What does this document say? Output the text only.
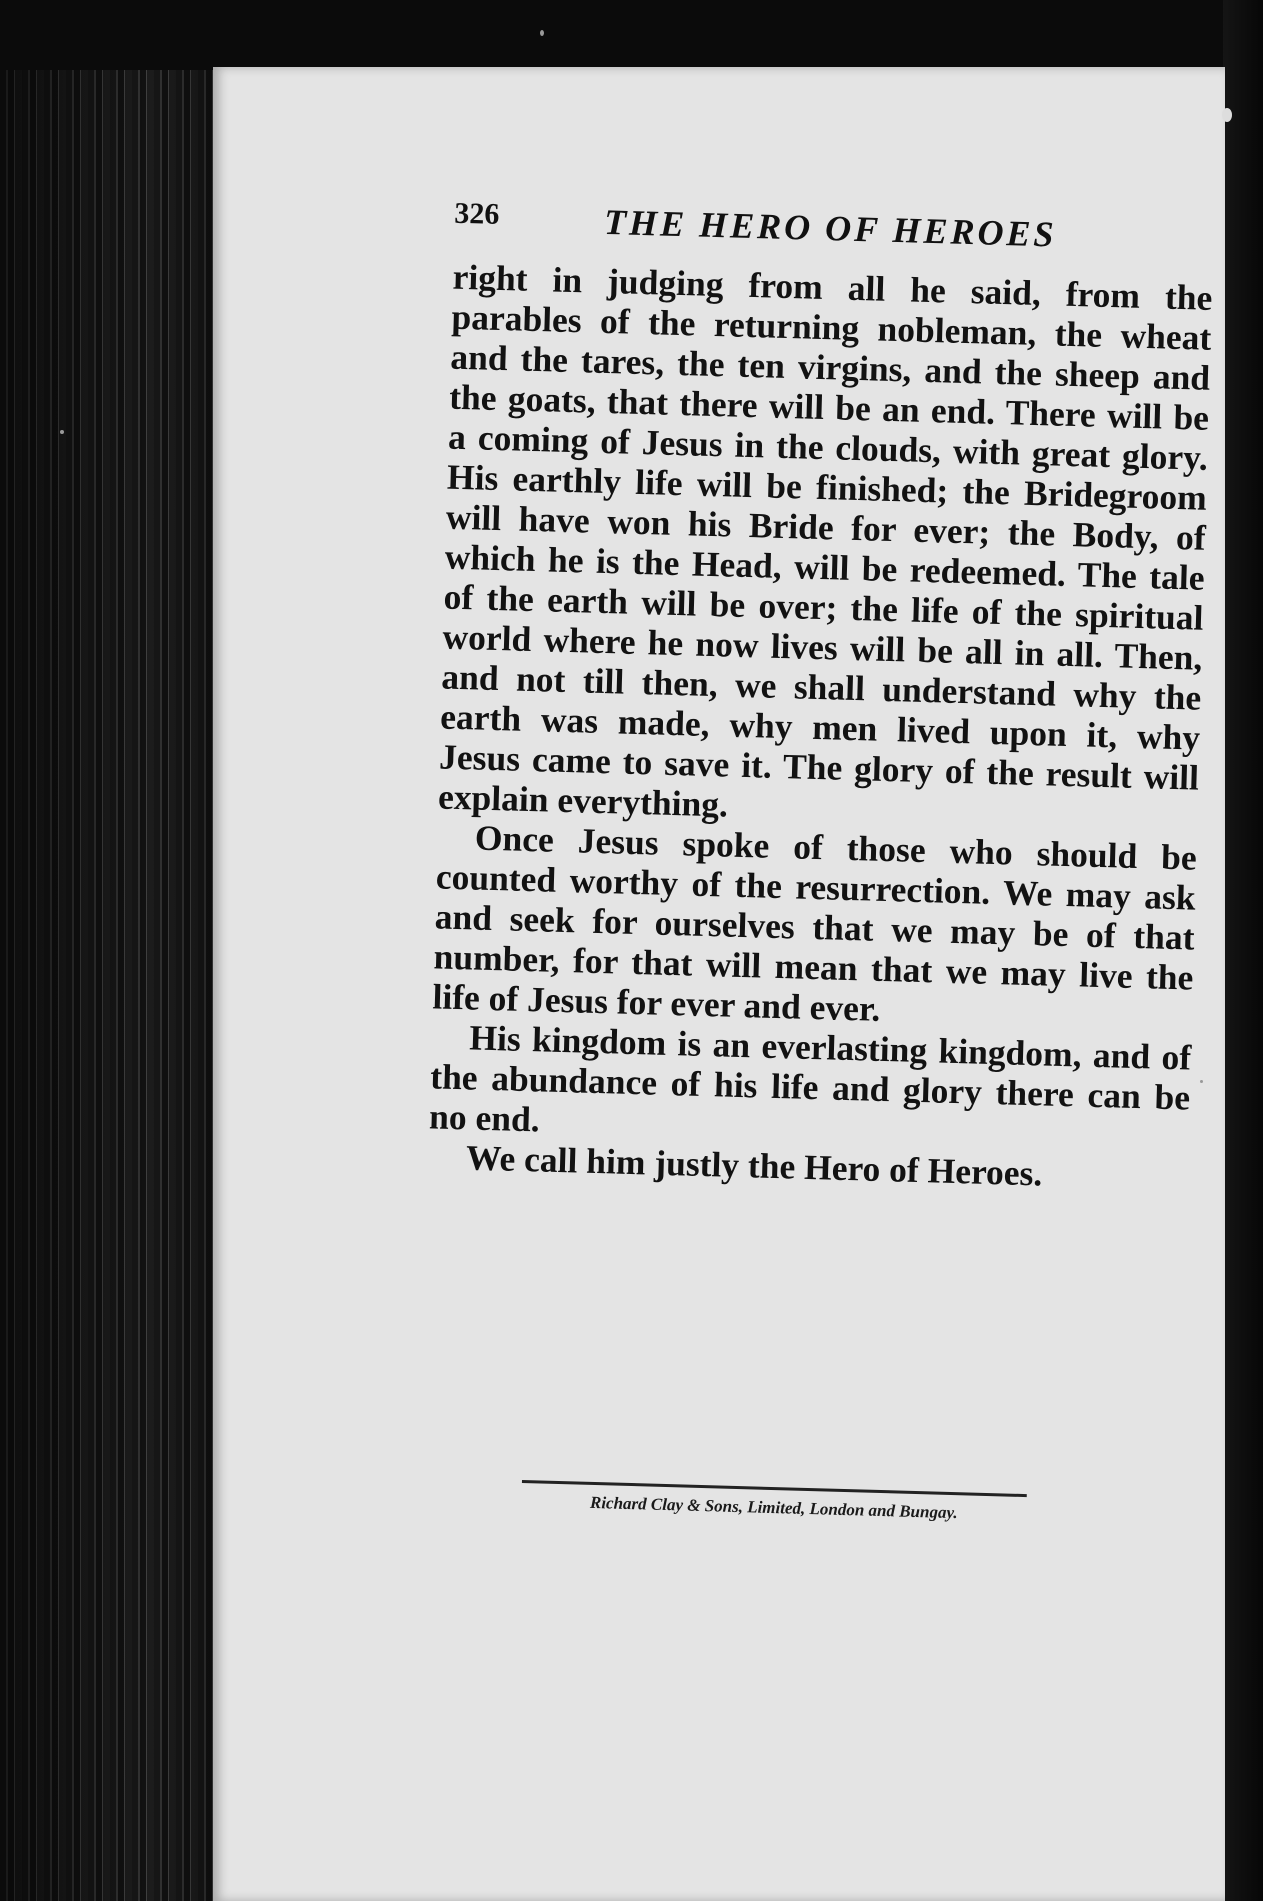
326	THE HERO OF HEROES

right in judging from all he said, from the parables of the returning nobleman, the wheat and the tares, the ten virgins, and the sheep and the goats, that there will be an end. There will be a coming of Jesus in the clouds, with great glory. His earthly life will be finished; the Bridegroom will have won his Bride for ever; the Body, of which he is the Head, will be redeemed. The tale of the earth will be over; the life of the spiritual world where he now lives will be all in all. Then, and not till then, we shall understand why the earth was made, why men lived upon it, why Jesus came to save it. The glory of the result will explain everything.

Once Jesus spoke of those who should be counted worthy of the resurrection. We may ask and seek for ourselves that we may be of that number, for that will mean that we may live the life of Jesus for ever and ever.

His kingdom is an everlasting kingdom, and of the abundance of his life and glory there can be no end.

We call him justly the Hero of Heroes.

Richard Clay & Sons, Limited, London and Bungay.
